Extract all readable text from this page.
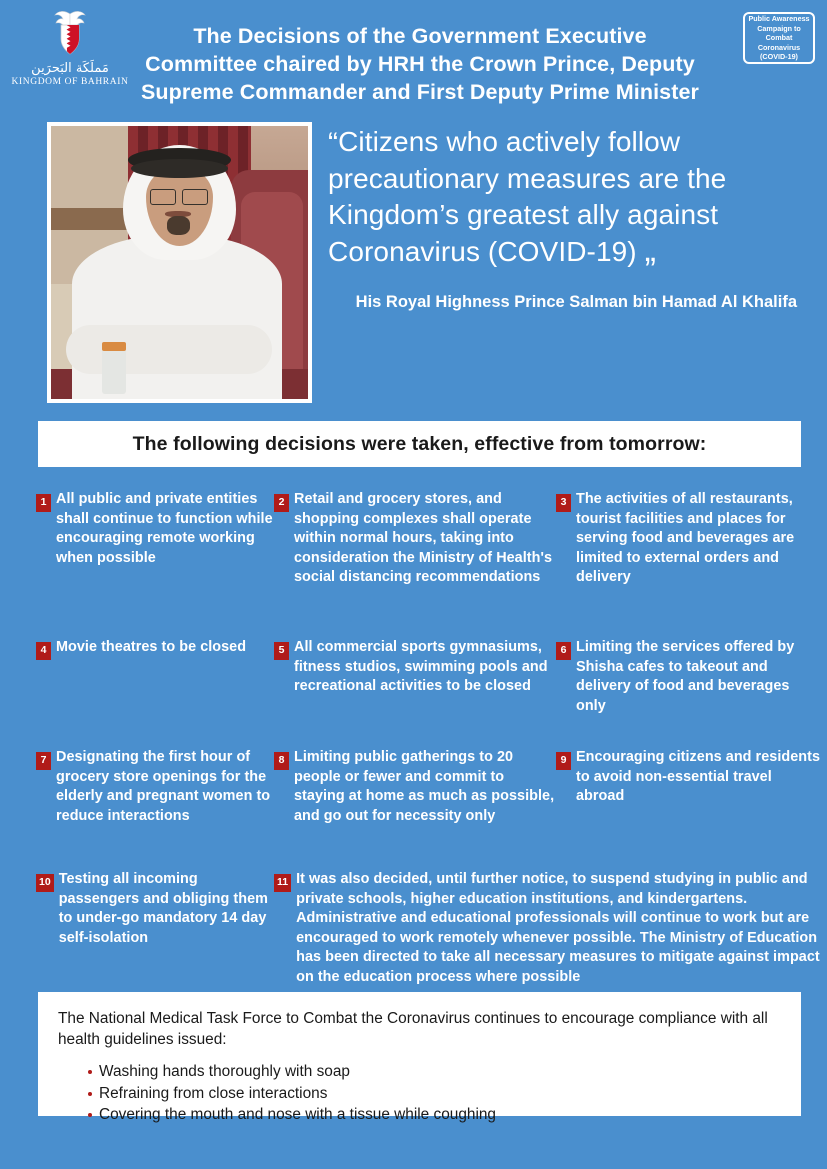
مَملَكَة البَحرَين
KINGDOM OF BAHRAIN
The Decisions of the Government Executive Committee chaired by HRH the Crown Prince, Deputy Supreme Commander and First Deputy Prime Minister
Public Awareness Campaign to Combat Coronavirus (COVID-19)
“Citizens who actively follow precautionary measures are the Kingdom’s greatest ally against Coronavirus (COVID-19) „
His Royal Highness Prince Salman bin Hamad Al Khalifa
The following decisions were taken, effective from tomorrow:
1 All public and private entities shall continue to function while encouraging remote working when possible
2 Retail and grocery stores, and shopping complexes shall operate within normal hours, taking into consideration the Ministry of Health's social distancing recommendations
3 The activities of all restaurants, tourist facilities and places for serving food and beverages are limited to external orders and delivery
4 Movie theatres to be closed	5 All commercial sports gymnasiums, fitness studios, swimming pools and recreational activities to be closed
6 Limiting the services offered by Shisha cafes to takeout and delivery of food and beverages only
7 Designating the first hour of grocery store openings for the elderly and pregnant women to reduce interactions
8 Limiting public gatherings to 20 people or fewer and commit to staying at home as much as possible, and go out for necessity only
9 Encouraging citizens and residents to avoid non-essential travel abroad
10 Testing all incoming passengers and obliging them to under-go mandatory 14 day self-isolation
11 It was also decided, until further notice, to suspend studying in public and private schools, higher education institutions, and kindergartens. Administrative and educational professionals will continue to work but are encouraged to work remotely whenever possible. The Ministry of Education has been directed to take all necessary measures to mitigate against impact on the education process where possible
The National Medical Task Force to Combat the Coronavirus continues to encourage compliance with all health guidelines issued:
Washing hands thoroughly with soap
Refraining from close interactions
Covering the mouth and nose with a tissue while coughing
